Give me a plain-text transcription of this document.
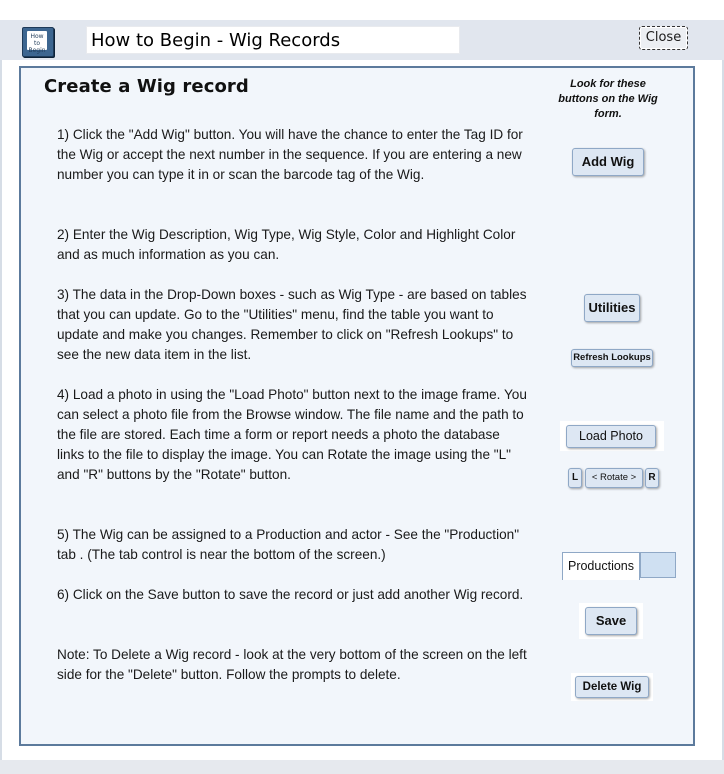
How to Begin	How to Begin - Wig Records	Close
Create a Wig record
1) Click the "Add Wig" button. You will have the chance to enter the Tag ID for the Wig or accept the next number in the sequence. If you are entering a new number you can type it in or scan the barcode tag of the Wig.
2) Enter the Wig Description, Wig Type, Wig Style, Color and Highlight Color and as much information as you can.
3) The data in the Drop-Down boxes - such as Wig Type - are based on tables that you can update. Go to the "Utilities" menu, find the table you want to update and make you changes. Remember to click on "Refresh Lookups" to see the new data item in the list.
4) Load a photo in using the "Load Photo" button next to the image frame. You can select a photo file from the Browse window. The file name and the path to the file are stored. Each time a form or report needs a photo the database links to the file to display the image. You can Rotate the image using the "L" and "R" buttons by the "Rotate" button.
5) The Wig can be assigned to a Production and actor - See the "Production" tab . (The tab control is near the bottom of the screen.)
6) Click on the Save button to save the record or just add another Wig record.
Note: To Delete a Wig record - look at the very bottom of the screen on the left side for the "Delete" button. Follow the prompts to delete.
Look for these buttons on the Wig form.
Add Wig
Utilities
Refresh Lookups
Load Photo
L	< Rotate >	R
Productions
Save
Delete Wig
